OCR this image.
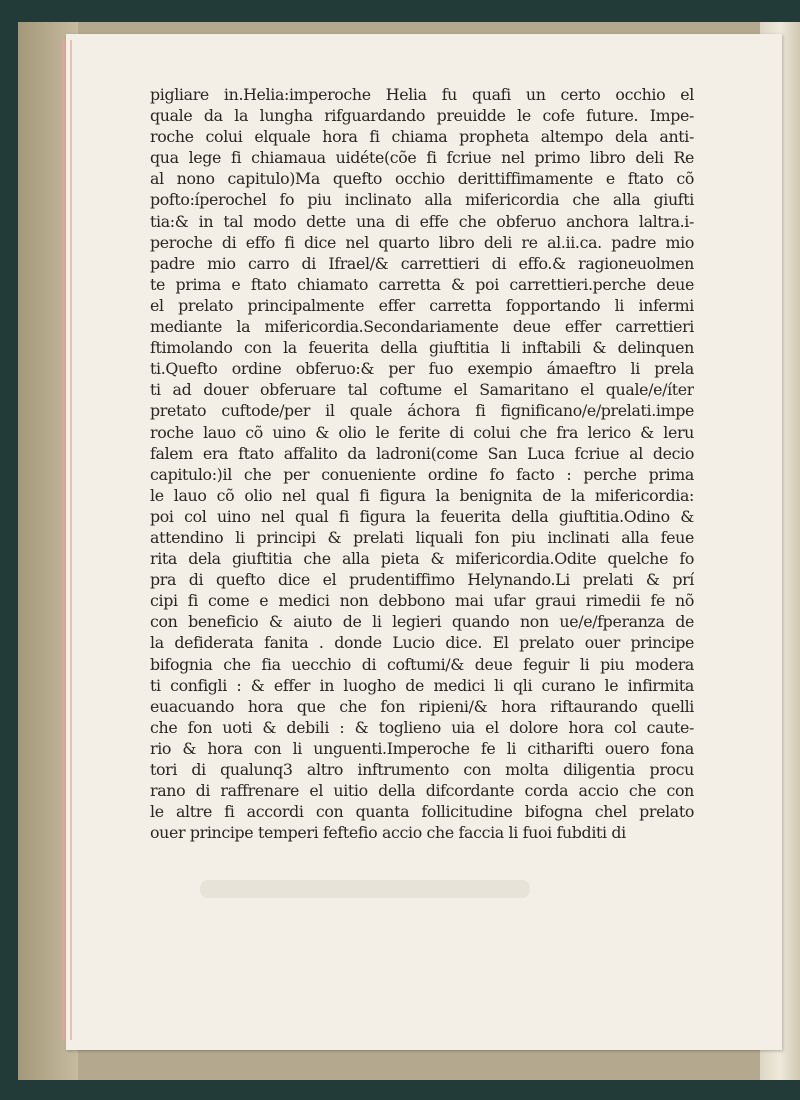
pigliare in.Helia:imperoche Helia fu quafi un certo occhio el
quale da la lungha rifguardando preuidde le cofe future. Impe-
roche colui elquale hora fi chiama propheta altempo dela anti-
qua lege fi chiamaua uidéte(cõe fi fcriue nel primo libro deli Re
al nono capitulo)Ma quefto occhio derittiffimamente e ftato cõ
pofto:íperochel fo piu inclinato alla mifericordia che alla giufti
tia:& in tal modo dette una di effe che obferuo anchora laltra.i-
peroche di effo fi dice nel quarto libro deli re al.ii.ca. padre mio
padre mio carro di Ifrael/& carrettieri di effo.& ragioneuolmen
te prima e ftato chiamato carretta & poi carrettieri.perche deue
el prelato principalmente effer carretta fopportando li infermi
mediante la mifericordia.Secondariamente deue effer carrettieri
ftimolando con la feuerita della giuftitia li inftabili & delinquen
ti.Quefto ordine obferuo:& per fuo exempio ámaeftro li prela
ti ad douer obferuare tal coftume el Samaritano el quale/e/íter
pretato cuftode/per il quale áchora fi fignificano/e/prelati.impe
roche lauo cõ uino & olio le ferite di colui che fra lerico & leru
falem era ftato affalito da ladroni(come San Luca fcriue al decio
capitulo:)il che per conueniente ordine fo facto : perche prima
le lauo cõ olio nel qual fi figura la benignita de la mifericordia:
poi col uino nel qual fi figura la feuerita della giuftitia.Odino &
attendino li principi & prelati liquali fon piu inclinati alla feue
rita dela giuftitia che alla pieta & mifericordia.Odite quelche fo
pra di quefto dice el prudentiffimo Helynando.Li prelati & prí
cipi fi come e medici non debbono mai ufar graui rimedii fe nõ
con beneficio & aiuto de li legieri quando non ue/e/fperanza de
la defiderata fanita . donde Lucio dice. El prelato ouer principe
bifognia che fia uecchio di coftumi/& deue feguir li piu modera
ti configli : & effer in luogho de medici li qli curano le infirmita
euacuando hora que che fon ripieni/& hora riftaurando quelli
che fon uoti & debili : & toglieno uia el dolore hora col caute-
rio & hora con li unguenti.Imperoche fe li citharifti ouero fona
tori di qualunq3 altro inftrumento con molta diligentia procu
rano di raffrenare el uitio della difcordante corda accio che con
le altre fi accordi con quanta follicitudine bifogna chel prelato
ouer principe temperi feftefio accio che faccia li fuoi fubditi di
